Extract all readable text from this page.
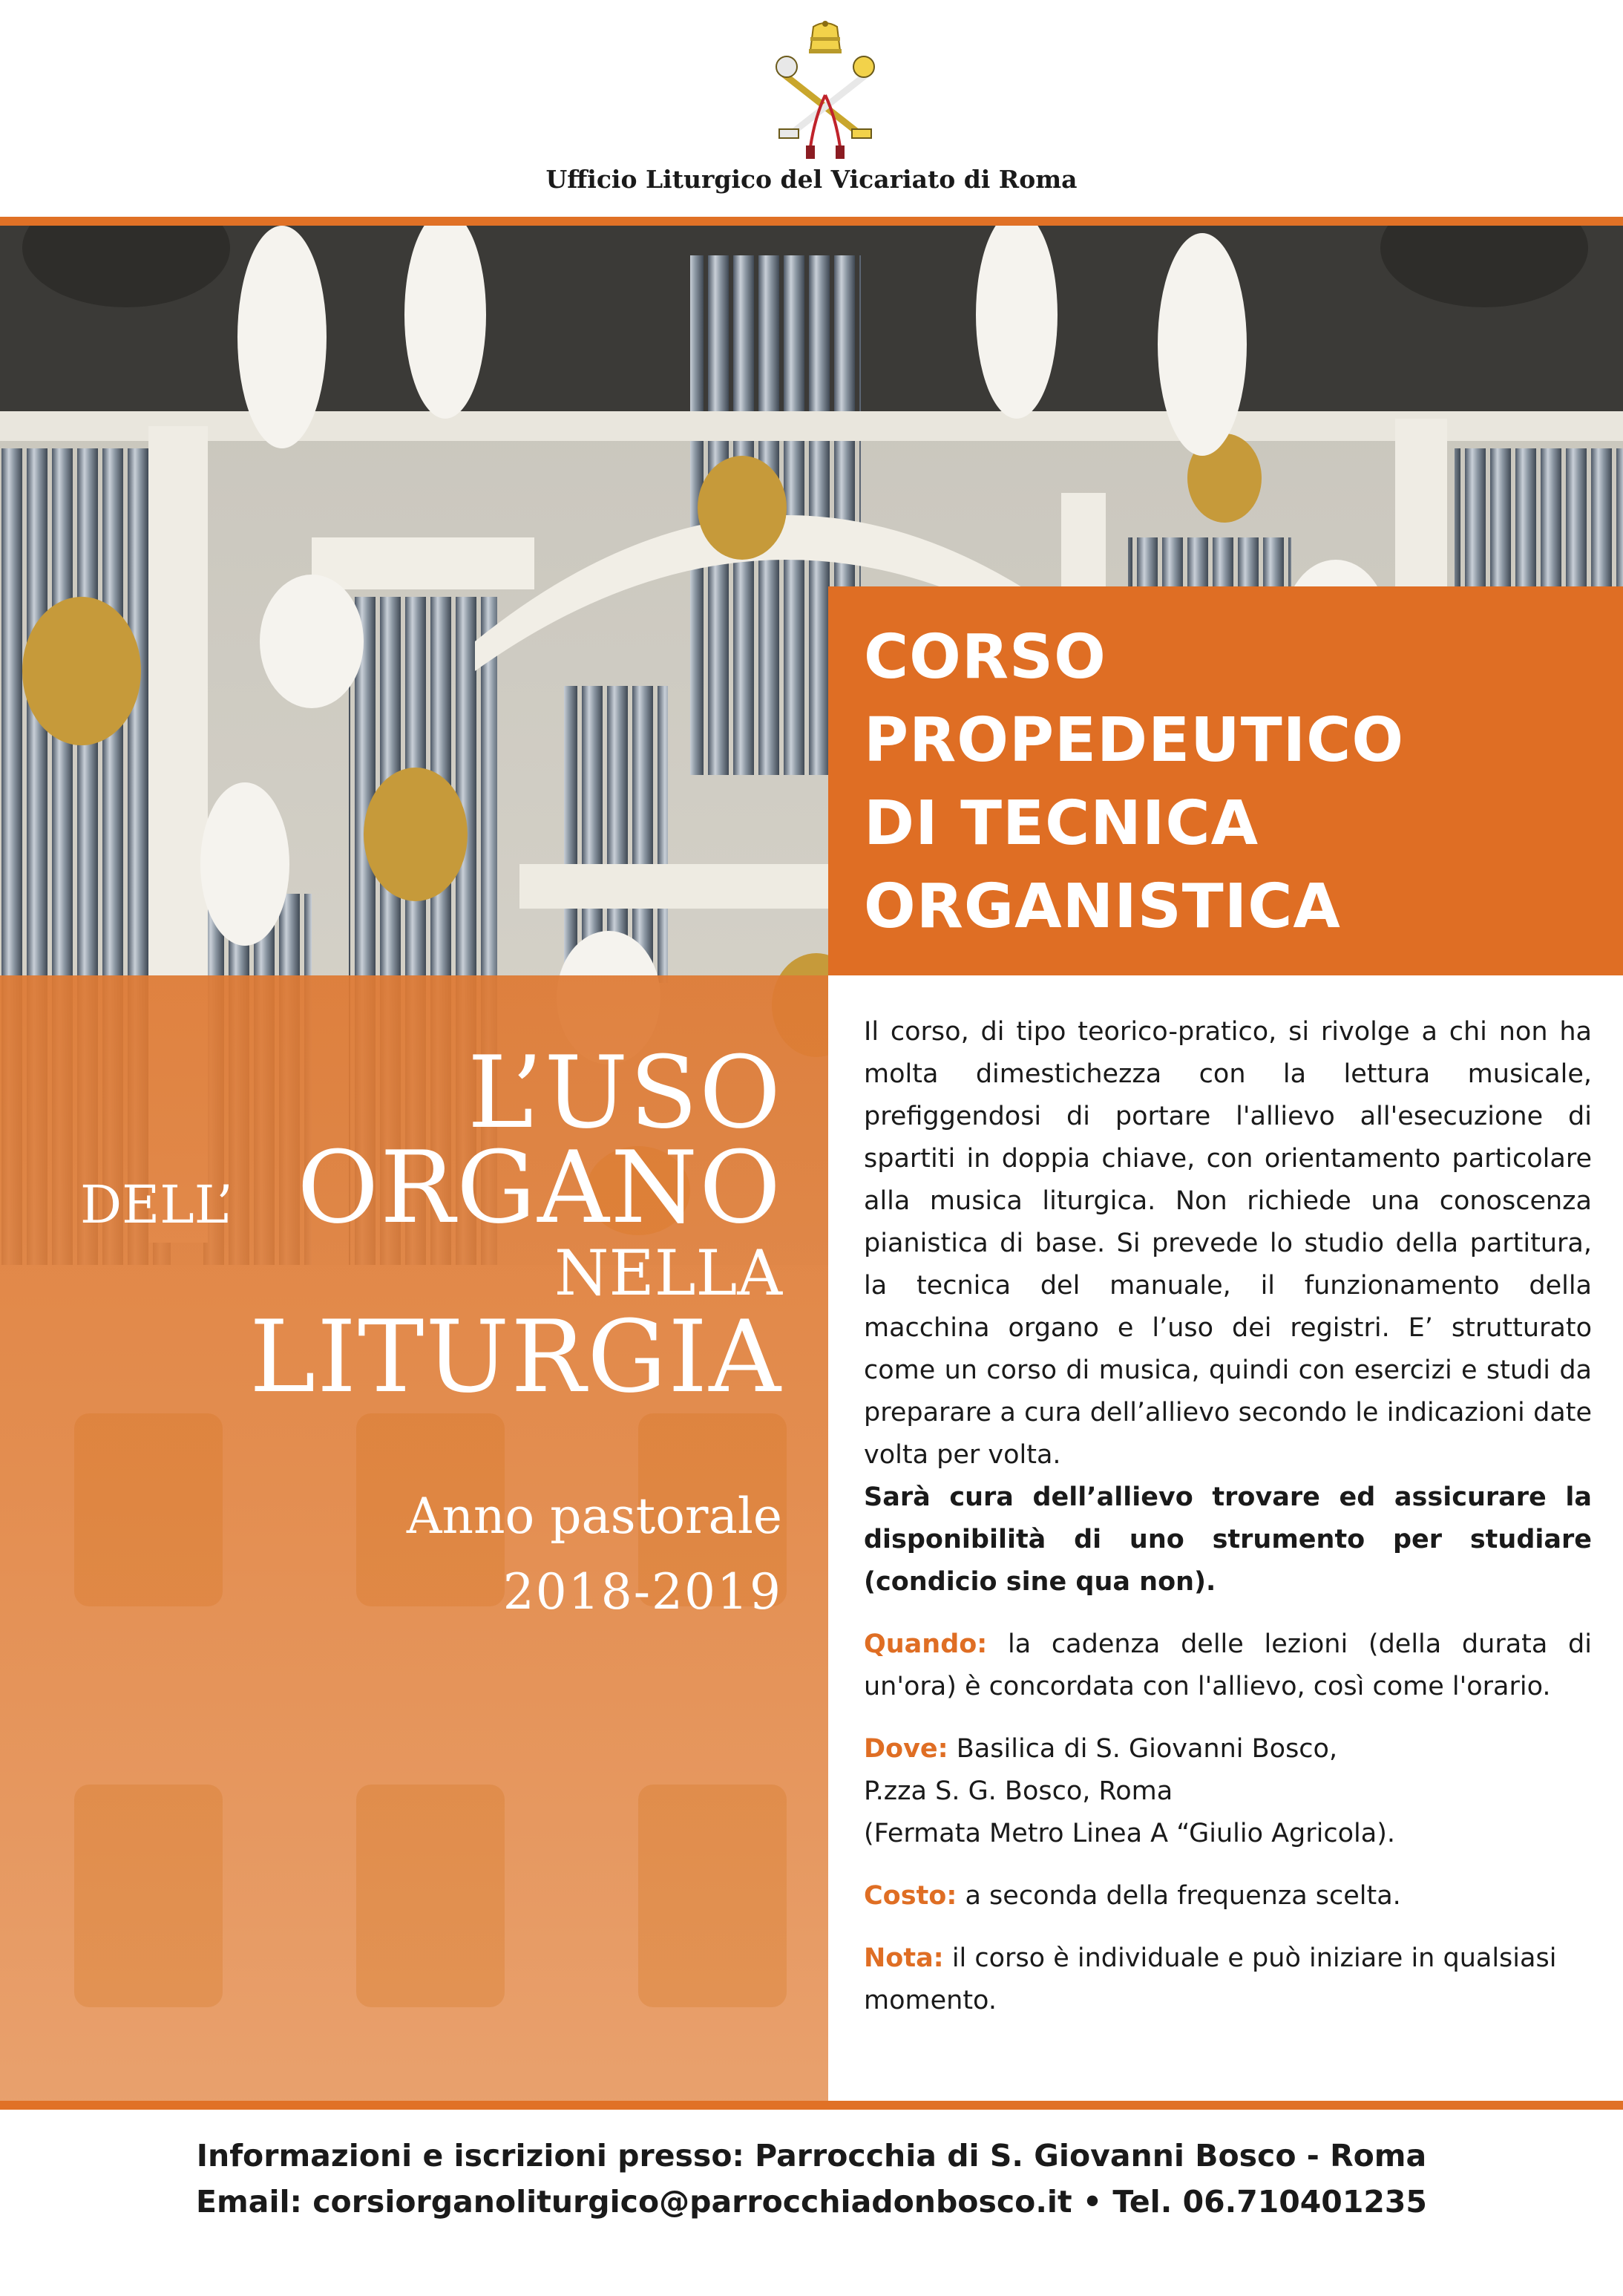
Ufficio Liturgico del Vicariato di Roma
L’USO
ORGANO
DELL’
NELLA
LITURGIA
Anno pastorale
2018-2019
CORSO
PROPEDEUTICO
DI TECNICA
ORGANISTICA

Il corso, di tipo teorico-pratico, si rivolge a chi non ha molta dimestichezza con la lettura musicale, prefiggendosi di portare l'allievo all'esecuzione di spartiti in doppia chiave, con orientamento particolare alla musica liturgica. Non richiede una conoscenza pianistica di base. Si prevede lo studio della partitura, la tecnica del manuale, il funzionamento della macchina organo e l’uso dei registri. E’ strutturato come un corso di musica, quindi con esercizi e studi da preparare a cura dell’allievo secondo le indicazioni date volta per volta.

Sarà cura dell’allievo trovare ed assicurare la disponibilità di uno strumento per studiare (condicio sine qua non).

Quando: la cadenza delle lezioni (della durata di un'ora) è concordata con l'allievo, così come l'orario.

Dove: Basilica di S. Giovanni Bosco,
P.zza S. G. Bosco, Roma
(Fermata Metro Linea A “Giulio Agricola).

Costo: a seconda della frequenza scelta.

Nota: il corso è individuale e può iniziare in qualsiasi momento.

Informazioni e iscrizioni presso: Parrocchia di S. Giovanni Bosco - Roma
Email: corsiorganoliturgico@parrocchiadonbosco.it • Tel. 06.710401235
